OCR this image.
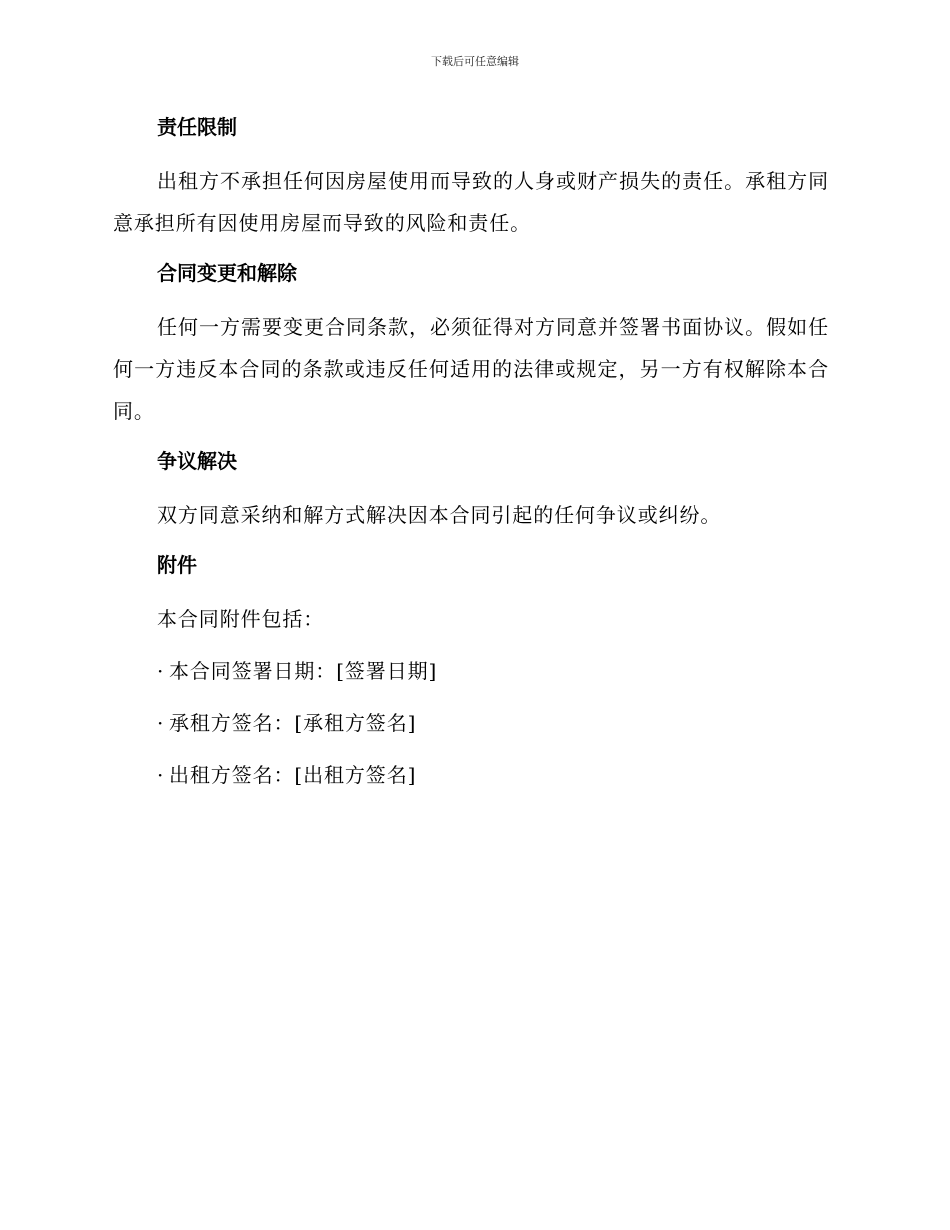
下载后可任意编辑
责任限制

出租方不承担任何因房屋使用而导致的人身或财产损失的责任。承租方同意承担所有因使用房屋而导致的风险和责任。

合同变更和解除

任何一方需要变更合同条款，必须征得对方同意并签署书面协议。假如任何一方违反本合同的条款或违反任何适用的法律或规定，另一方有权解除本合同。

争议解决

双方同意采纳和解方式解决因本合同引起的任何争议或纠纷。

附件

本合同附件包括：

· 本合同签署日期：[签署日期]

· 承租方签名：[承租方签名]

· 出租方签名：[出租方签名]
